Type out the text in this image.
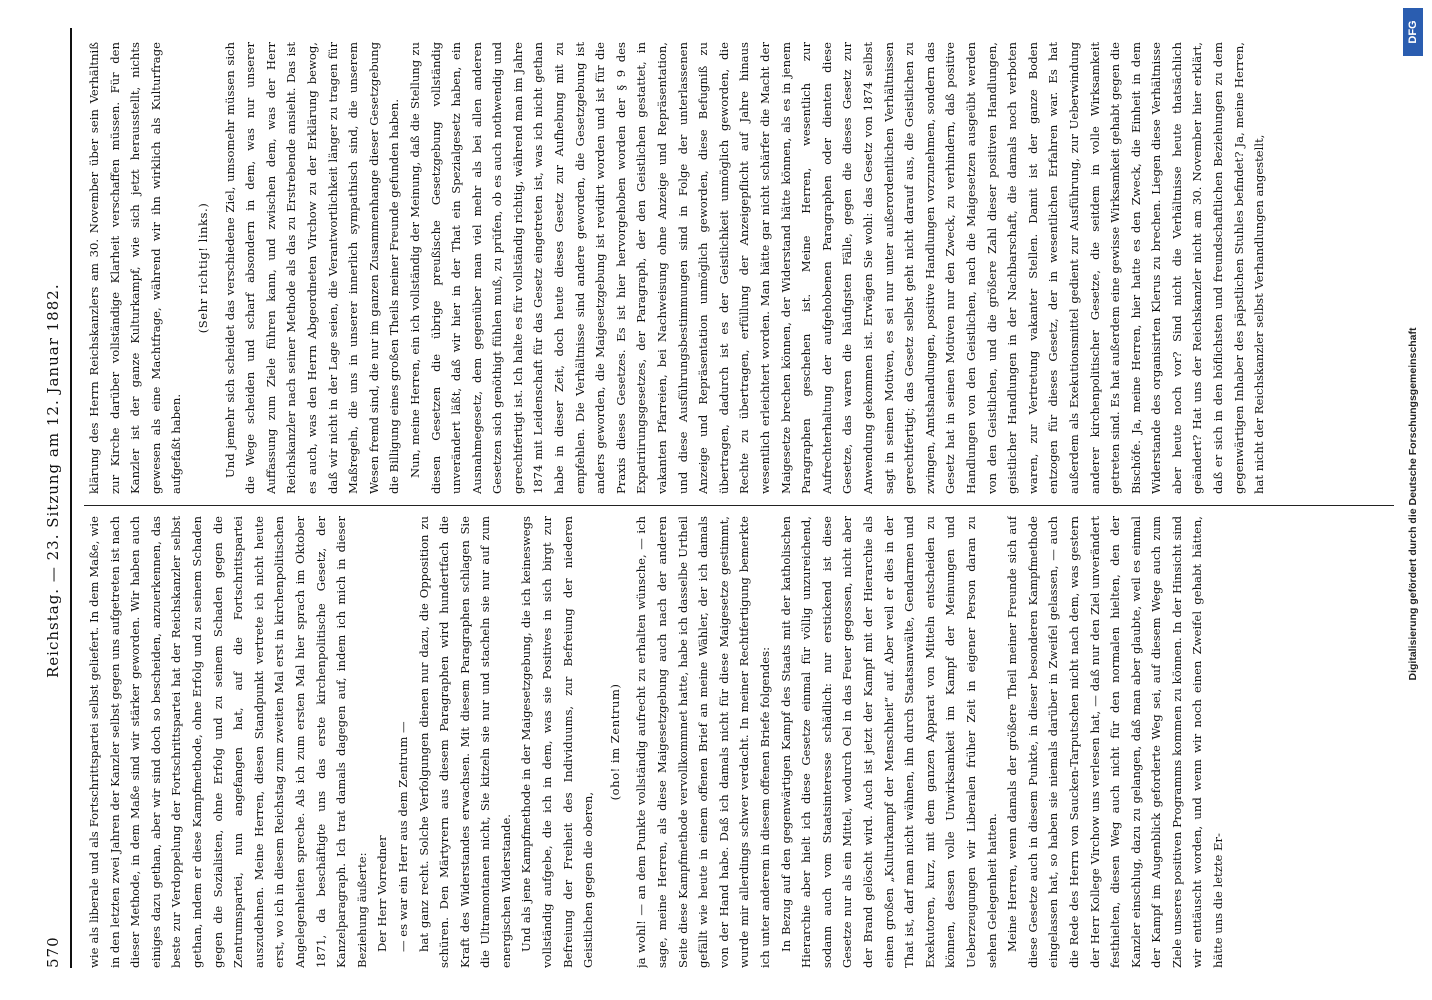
570
Reichstag. — 23. Sitzung am 12. Januar 1882.

wie als liberale und als Fortschrittspartei selbst geliefert. In dem Maße, wie in den letzten zwei Jahren der Kanzler selbst gegen uns aufgetreten ist nach dieser Methode, in dem Maße sind wir stärker geworden. Wir haben auch einiges dazu gethan, aber wir sind doch so bescheiden, anzuerkennen, das beste zur Verdoppelung der Fortschrittspartei hat der Reichskanzler selbst gethan, indem er diese Kampfmethode, ohne Erfolg und zu seinem Schaden gegen die Sozialisten, ohne Erfolg und zu seinem Schaden gegen die Zentrumspartei, nun angefangen hat, auf die Fortschrittspartei auszudehnen. Meine Herren, diesen Standpunkt vertrete ich nicht heute erst, wo ich in diesem Reichstag zum zweiten Mal erst in kirchenpolitischen Angelegenheiten spreche. Als ich zum ersten Mal hier sprach im Oktober 1871, da beschäftigte uns das erste kirchenpolitische Gesetz, der Kanzelparagraph. Ich trat damals dagegen auf, indem ich mich in dieser Beziehung äußerte: Der Herr Vorredner — es war ein Herr aus dem Zentrum — hat ganz recht. Solche Verfolgungen dienen nur dazu, die Opposition zu schüren. Den Märtyrern aus diesem Paragraphen wird hundertfach die Kraft des Widerstandes erwachsen. Mit diesem Paragraphen schlagen Sie die Ultramontanen nicht, Sie kitzeln sie nur und stacheln sie nur auf zum energischen Widerstande. Und als jene Kampfmethode in der Maigesetzgebung, die ich keineswegs vollständig aufgebe, die ich in dem, was sie Positives in sich birgt zur Befreiung der Freiheit des Individuums, zur Befreiung der niederen Geistlichen gegen die oberen,

(oho! im Zentrum)	ja wohl! — an dem Punkte vollständig aufrecht zu erhalten wünsche, — ich sage, meine Herren, als diese Maigesetzgebung auch nach der anderen Seite diese Kampfmethode vervollkommnet hatte, habe ich dasselbe Urtheil gefällt wie heute in einem offenen Brief an meine Wähler, der ich damals von der Hand habe. Daß ich damals nicht für diese Maigesetze gestimmt, wurde mir allerdings schwer verdacht. In meiner Rechtfertigung bemerkte ich unter anderem in diesem offenen Briefe folgendes: In Bezug auf den gegenwärtigen Kampf des Staats mit der katholischen Hierarchie aber hielt ich diese Gesetze einmal für völlig unzureichend, sodann auch vom Staatsinteresse schädlich: nur erstickend ist diese Gesetze nur als ein Mittel, wodurch Oel in das Feuer gegossen, nicht aber der Brand gelöscht wird. Auch ist jetzt der Kampf mit der Hierarchie als einen großen „Kulturkampf der Menschheit“ auf. Aber weil er dies in der That ist, darf man nicht wähnen, ihn durch Staatsanwälte, Gendarmen und Exekutoren, kurz, mit dem ganzen Apparat von Mitteln entscheiden zu können, dessen volle Unwirksamkeit im Kampf der Meinungen und Ueberzeugungen wir Liberalen früher Zeit in eigener Person daran zu sehen Gelegenheit hatten. Meine Herren, wenn damals der größere Theil meiner Freunde sich auf diese Gesetze auch in diesem Punkte, in dieser besonderen Kampfmethode eingelassen hat, so haben sie niemals darüber in Zweifel gelassen, — auch die Rede des Herrn von Saucken-Tarputschen nicht nach dem, was gestern der Herr Kollege Virchow uns verlesen hat, — daß nur den Ziel unverändert festhielten, diesen Weg auch nicht für den normalen hielten, den der Kanzler einschlug, dazu zu gelangen, daß man aber glaubte, weil es einmal der Kampf im Augenblick geforderte Weg sei, auf diesem Wege auch zum Ziele unseres positiven Programms kommen zu können. In der Hinsicht sind wir enttäuscht worden, und wenn wir noch einen Zweifel gehabt hätten, hätte uns die letzte Er-

klärung des Herrn Reichskanzlers am 30. November über sein Verhältniß zur Kirche darüber vollständige Klarheit verschaffen müssen. Für den Kanzler ist der ganze Kulturkampf, wie sich jetzt herausstellt, nichts gewesen als eine Machtfrage, während wir ihn wirklich als Kulturfrage aufgefaßt haben.

(Sehr richtig! links.)	Und jemehr sich scheidet das verschiedene Ziel, umsomehr müssen sich die Wege scheiden und scharf absondern in dem, was nur unserer Auffassung zum Ziele führen kann, und zwischen dem, was der Herr Reichskanzler nach seiner Methode als das zu Erstrebende ansieht. Das ist es auch, was den Herrn Abgeordneten Virchow zu der Erklärung bewog, daß wir nicht in der Lage seien, die Verantwortlichkeit länger zu tragen für Maßregeln, die uns in unserer innerlich sympathisch sind, die unserem Wesen fremd sind, die nur im ganzen Zusammenhange dieser Gesetzgebung die Billigung eines großen Theils meiner Freunde gefunden haben. Nun, meine Herren, ein ich vollständig der Meinung, daß die Stellung zu diesen Gesetzen die übrige preußische Gesetzgebung vollständig unverändert läßt, daß wir hier in der That ein Spezialgesetz haben, ein Ausnahmegesetz, dem gegenüber man viel mehr als bei allen anderen Gesetzen sich genöthigt fühlen muß, zu prüfen, ob es auch nothwendig und gerechtfertigt ist. Ich halte es für vollständig richtig, während man im Jahre 1874 mit Leidenschaft für das Gesetz eingetreten ist, was ich nicht gethan habe in dieser Zeit, doch heute dieses Gesetz zur Aufhebung mit zu empfehlen. Die Verhältnisse sind andere geworden, die Gesetzgebung ist anders geworden, die Maigesetzgebung ist revidirt worden und ist für die Praxis dieses Gesetzes. Es ist hier hervorgehoben worden der § 9 des Expatriirungsgesetzes, der Paragraph, der den Geistlichen gestattet, in vakanten Pfarreien, bei Nachweisung ohne Anzeige und Repräsentation, und diese Ausführungsbestimmungen sind in Folge der unterlassenen Anzeige und Repräsentation unmöglich geworden, diese Befugniß zu übertragen, dadurch ist es der Geistlichkeit unmöglich geworden, die Rechte zu übertragen, erfüllung der Anzeigepflicht auf Jahre hinaus wesentlich erleichtert worden. Man hätte gar nicht schärfer die Macht der Maigesetze brechen können, der Widerstand hätte können, als es in jenem Paragraphen geschehen ist. Meine Herren, wesentlich zur Aufrechterhaltung der aufgehobenen Paragraphen oder dienten diese Gesetze, das waren die häufigsten Fälle, gegen die dieses Gesetz zur Anwendung gekommen ist. Erwägen Sie wohl: das Gesetz von 1874 selbst sagt in seinen Motiven, es sei nur unter außerordentlichen Verhältnissen gerechtfertigt; das Gesetz selbst geht nicht darauf aus, die Geistlichen zu zwingen, Amtshandlungen, positive Handlungen vorzunehmen, sondern das Gesetz hat in seinen Motiven nur den Zweck, zu verhindern, daß positive Handlungen von den Geistlichen, nach die Maigesetzen ausgeübt werden von den Geistlichen, und die größere Zahl dieser positiven Handlungen, geistlicher Handlungen in der Nachbarschaft, die damals noch verboten waren, zur Vertretung vakanter Stellen. Damit ist der ganze Boden entzogen für dieses Gesetz, der in wesentlichen Erfahren war. Es hat außerdem als Exekutionsmittel gedient zur Ausführung, zur Ueberwindung anderer kirchenpolitischer Gesetze, die seitdem in volle Wirksamkeit getreten sind. Es hat außerdem eine gewisse Wirksamkeit gehabt gegen die Bischöfe. Ja, meine Herren, hier hatte es den Zweck, die Einheit in dem Widerstande des organisirten Klerus zu brechen. Liegen diese Verhältnisse aber heute noch vor? Sind nicht die Verhältnisse heute thatsächlich geändert? Hat uns der Reichskanzler nicht am 30. November hier erklärt, daß er sich in den höflichsten und freundschaftlichen Beziehungen zu dem gegenwärtigen Inhaber des päpstlichen Stuhles befindet? Ja, meine Herren, hat nicht der Reichskanzler selbst Verhandlungen angestellt,

Digitalisierung gefördert durch die Deutsche Forschungsgemeinschaft
DFG
